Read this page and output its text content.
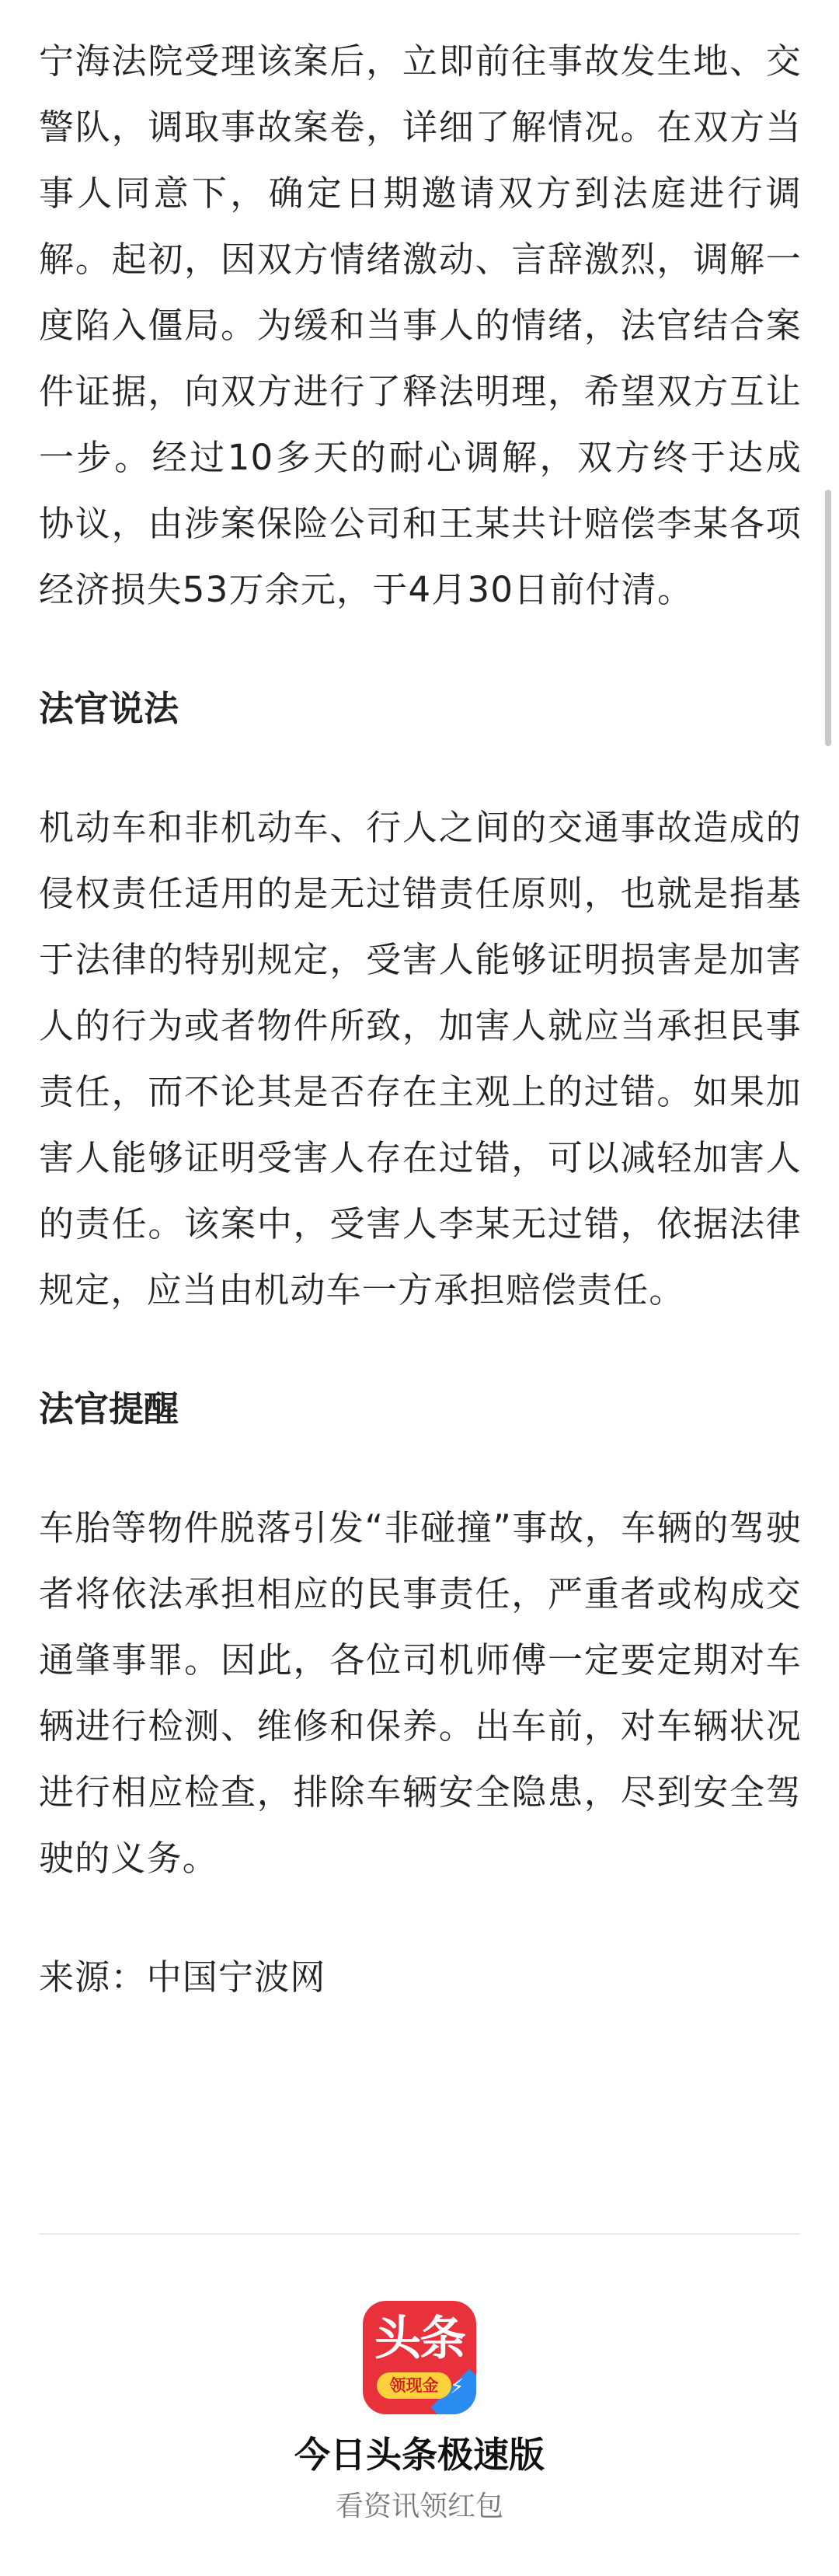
宁海法院受理该案后，立即前往事故发生地、交警队，调取事故案卷，详细了解情况。在双方当事人同意下，确定日期邀请双方到法庭进行调解。起初，因双方情绪激动、言辞激烈，调解一度陷入僵局。为缓和当事人的情绪，法官结合案件证据，向双方进行了释法明理，希望双方互让一步。经过10多天的耐心调解，双方终于达成协议，由涉案保险公司和王某共计赔偿李某各项经济损失53万余元，于4月30日前付清。

法官说法

机动车和非机动车、行人之间的交通事故造成的侵权责任适用的是无过错责任原则，也就是指基于法律的特别规定，受害人能够证明损害是加害人的行为或者物件所致，加害人就应当承担民事责任，而不论其是否存在主观上的过错。如果加害人能够证明受害人存在过错，可以减轻加害人的责任。该案中，受害人李某无过错，依据法律规定，应当由机动车一方承担赔偿责任。

法官提醒

车胎等物件脱落引发“非碰撞”事故，车辆的驾驶者将依法承担相应的民事责任，严重者或构成交通肇事罪。因此，各位司机师傅一定要定期对车辆进行检测、维修和保养。出车前，对车辆状况进行相应检查，排除车辆安全隐患，尽到安全驾驶的义务。

来源：中国宁波网

头条
领现金 ⚡
今日头条极速版
看资讯领红包
